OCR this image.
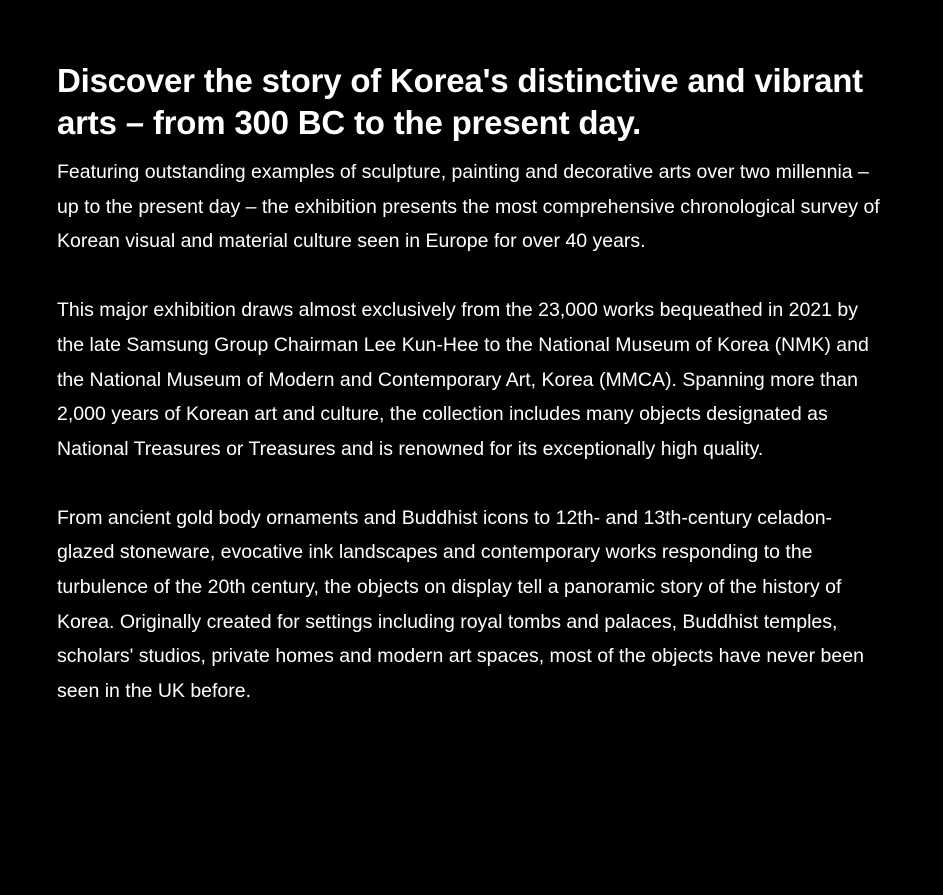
Discover the story of Korea's distinctive and vibrant arts – from 300 BC to the present day.

Featuring outstanding examples of sculpture, painting and decorative arts over two millennia – up to the present day – the exhibition presents the most comprehensive chronological survey of Korean visual and material culture seen in Europe for over 40 years.

This major exhibition draws almost exclusively from the 23,000 works bequeathed in 2021 by the late Samsung Group Chairman Lee Kun-Hee to the National Museum of Korea (NMK) and the National Museum of Modern and Contemporary Art, Korea (MMCA). Spanning more than 2,000 years of Korean art and culture, the collection includes many objects designated as National Treasures or Treasures and is renowned for its exceptionally high quality.

From ancient gold body ornaments and Buddhist icons to 12th- and 13th-century celadon-glazed stoneware, evocative ink landscapes and contemporary works responding to the turbulence of the 20th century, the objects on display tell a panoramic story of the history of Korea. Originally created for settings including royal tombs and palaces, Buddhist temples, scholars' studios, private homes and modern art spaces, most of the objects have never been seen in the UK before.
